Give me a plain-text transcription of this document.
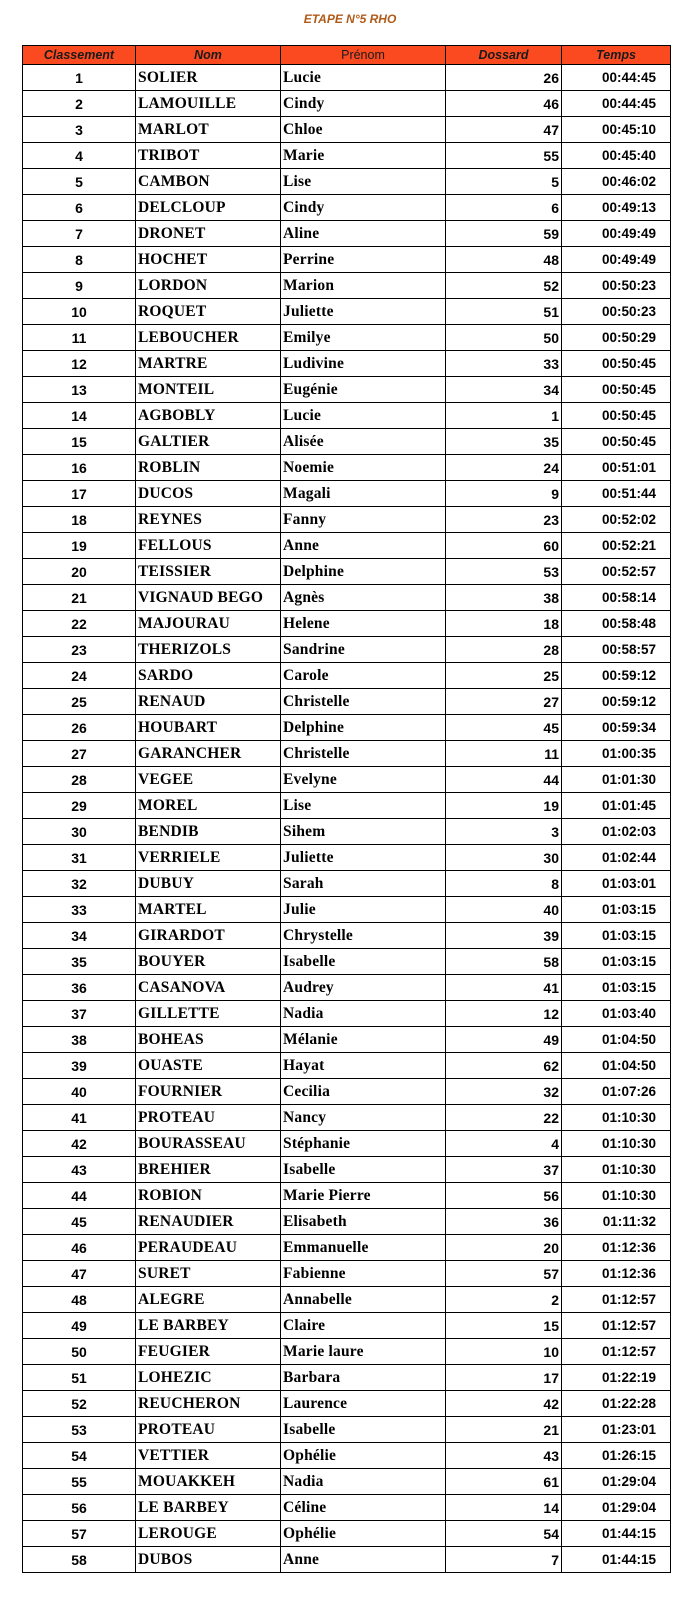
ETAPE N°5 RHO
Classement	Nom	Prénom	Dossard	Temps
1	SOLIER	Lucie	26	00:44:45
2	LAMOUILLE	Cindy	46	00:44:45
3	MARLOT	Chloe	47	00:45:10
4	TRIBOT	Marie	55	00:45:40
5	CAMBON	Lise	5	00:46:02
6	DELCLOUP	Cindy	6	00:49:13
7	DRONET	Aline	59	00:49:49
8	HOCHET	Perrine	48	00:49:49
9	LORDON	Marion	52	00:50:23
10	ROQUET	Juliette	51	00:50:23
11	LEBOUCHER	Emilye	50	00:50:29
12	MARTRE	Ludivine	33	00:50:45
13	MONTEIL	Eugénie	34	00:50:45
14	AGBOBLY	Lucie	1	00:50:45
15	GALTIER	Alisée	35	00:50:45
16	ROBLIN	Noemie	24	00:51:01
17	DUCOS	Magali	9	00:51:44
18	REYNES	Fanny	23	00:52:02
19	FELLOUS	Anne	60	00:52:21
20	TEISSIER	Delphine	53	00:52:57
21	VIGNAUD BEGO	Agnès	38	00:58:14
22	MAJOURAU	Helene	18	00:58:48
23	THERIZOLS	Sandrine	28	00:58:57
24	SARDO	Carole	25	00:59:12
25	RENAUD	Christelle	27	00:59:12
26	HOUBART	Delphine	45	00:59:34
27	GARANCHER	Christelle	11	01:00:35
28	VEGEE	Evelyne	44	01:01:30
29	MOREL	Lise	19	01:01:45
30	BENDIB	Sihem	3	01:02:03
31	VERRIELE	Juliette	30	01:02:44
32	DUBUY	Sarah	8	01:03:01
33	MARTEL	Julie	40	01:03:15
34	GIRARDOT	Chrystelle	39	01:03:15
35	BOUYER	Isabelle	58	01:03:15
36	CASANOVA	Audrey	41	01:03:15
37	GILLETTE	Nadia	12	01:03:40
38	BOHEAS	Mélanie	49	01:04:50
39	OUASTE	Hayat	62	01:04:50
40	FOURNIER	Cecilia	32	01:07:26
41	PROTEAU	Nancy	22	01:10:30
42	BOURASSEAU	Stéphanie	4	01:10:30
43	BREHIER	Isabelle	37	01:10:30
44	ROBION	Marie Pierre	56	01:10:30
45	RENAUDIER	Elisabeth	36	01:11:32
46	PERAUDEAU	Emmanuelle	20	01:12:36
47	SURET	Fabienne	57	01:12:36
48	ALEGRE	Annabelle	2	01:12:57
49	LE BARBEY	Claire	15	01:12:57
50	FEUGIER	Marie laure	10	01:12:57
51	LOHEZIC	Barbara	17	01:22:19
52	REUCHERON	Laurence	42	01:22:28
53	PROTEAU	Isabelle	21	01:23:01
54	VETTIER	Ophélie	43	01:26:15
55	MOUAKKEH	Nadia	61	01:29:04
56	LE BARBEY	Céline	14	01:29:04
57	LEROUGE	Ophélie	54	01:44:15
58	DUBOS	Anne	7	01:44:15
